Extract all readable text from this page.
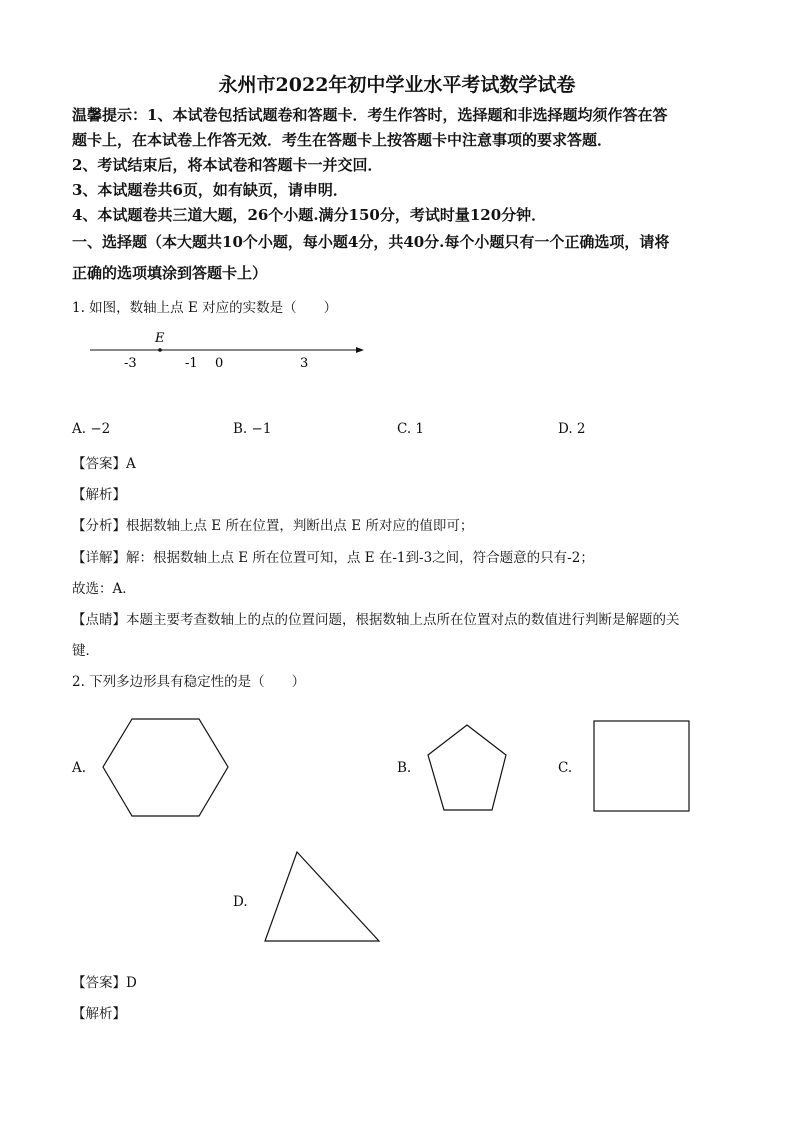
永州市2022年初中学业水平考试数学试卷
温馨提示：1、本试卷包括试题卷和答题卡．考生作答时，选择题和非选择题均须作答在答
题卡上，在本试卷上作答无效．考生在答题卡上按答题卡中注意事项的要求答题．
2、考试结束后，将本试卷和答题卡一并交回．
3、本试题卷共6页，如有缺页，请申明．
4、本试题卷共三道大题，26个小题.满分150分，考试时量120分钟．
一、选择题（本大题共10个小题，每小题4分，共40分.每个小题只有一个正确选项，请将
正确的选项填涂到答题卡上）
1. 如图，数轴上点 E 对应的实数是（　　）
E
-3	-1 0	3
A. −2	B. −1	C. 1	D. 2
【答案】A
【解析】
【分析】根据数轴上点 E 所在位置，判断出点 E 所对应的值即可；
【详解】解：根据数轴上点 E 所在位置可知，点 E 在-1到-3之间，符合题意的只有-2；
故选：A．
【点睛】本题主要考查数轴上的点的位置问题，根据数轴上点所在位置对点的数值进行判断是解题的关
键．
2. 下列多边形具有稳定性的是（　　）
A.	B.	C.
D.
【答案】D
【解析】
